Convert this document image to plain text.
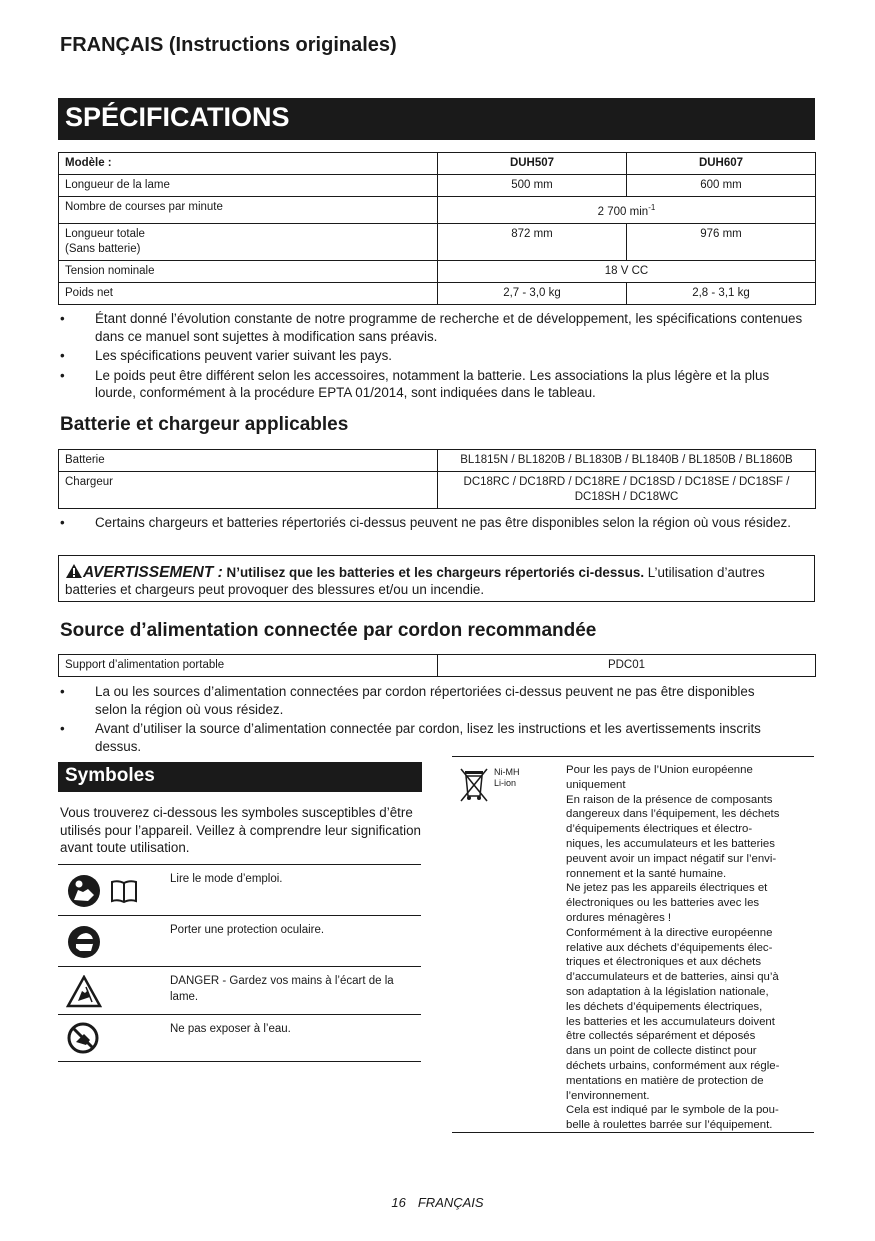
FRANÇAIS (Instructions originales)
SPÉCIFICATIONS
Modèle :	DUH507	DUH607
Longueur de la lame	500 mm	600 mm
Nombre de courses par minute	2 700 $\min^{-1}$

Longueur totale
(Sans batterie)	872 mm	976 mm
Tension nominale	18 V CC	
Poids net	2,7 - 3,0 kg	2,8 - 3,1 kg
•	Étant donné l’évolution constante de notre programme de recherche et de développement, les spécifications contenues dans ce manuel sont sujettes à modification sans préavis.
•	Les spécifications peuvent varier suivant les pays.
•	Le poids peut être différent selon les accessoires, notamment la batterie. Les associations la plus légère et la plus lourde, conformément à la procédure EPTA 01/2014, sont indiquées dans le tableau.
Batterie et chargeur applicables
Batterie	BL1815N / BL1820B / BL1830B / BL1840B / BL1850B / BL1860B
Chargeur	DC18RC / DC18RD / DC18RE / DC18SD / DC18SE / DC18SF /
DC18SH / DC18WC
•	Certains chargeurs et batteries répertoriés ci-dessus peuvent ne pas être disponibles selon la région où vous résidez.
AVERTISSEMENT : N’utilisez que les batteries et les chargeurs répertoriés ci-dessus. L’utilisation d’autres batteries et chargeurs peut provoquer des blessures et/ou un incendie.
Source d’alimentation connectée par cordon recommandée
Support d’alimentation portable	PDC01
•	La ou les sources d’alimentation connectées par cordon répertoriées ci-dessus peuvent ne pas être disponibles selon la région où vous résidez.
•	Avant d’utiliser la source d’alimentation connectée par cordon, lisez les instructions et les avertissements inscrits dessus.
Symboles
Vous trouverez ci-dessous les symboles susceptibles d’être utilisés pour l’appareil. Veillez à comprendre leur signification avant toute utilisation.
Lire le mode d’emploi.
Porter une protection oculaire.
DANGER - Gardez vos mains à l’écart de la lame.
Ne pas exposer à l’eau.
Ni-MH
Li-ion
Pour les pays de l’Union européenne
uniquement
En raison de la présence de composants
dangereux dans l’équipement, les déchets
d’équipements électriques et électro-
niques, les accumulateurs et les batteries
peuvent avoir un impact négatif sur l’envi-
ronnement et la santé humaine.
Ne jetez pas les appareils électriques et
électroniques ou les batteries avec les
ordures ménagères !
Conformément à la directive européenne
relative aux déchets d’équipements élec-
triques et électroniques et aux déchets
d’accumulateurs et de batteries, ainsi qu’à
son adaptation à la législation nationale,
les déchets d’équipements électriques,
les batteries et les accumulateurs doivent
être collectés séparément et déposés
dans un point de collecte distinct pour
déchets urbains, conformément aux régle-
mentations en matière de protection de
l’environnement.
Cela est indiqué par le symbole de la pou-
belle à roulettes barrée sur l’équipement.
16 FRANÇAIS
